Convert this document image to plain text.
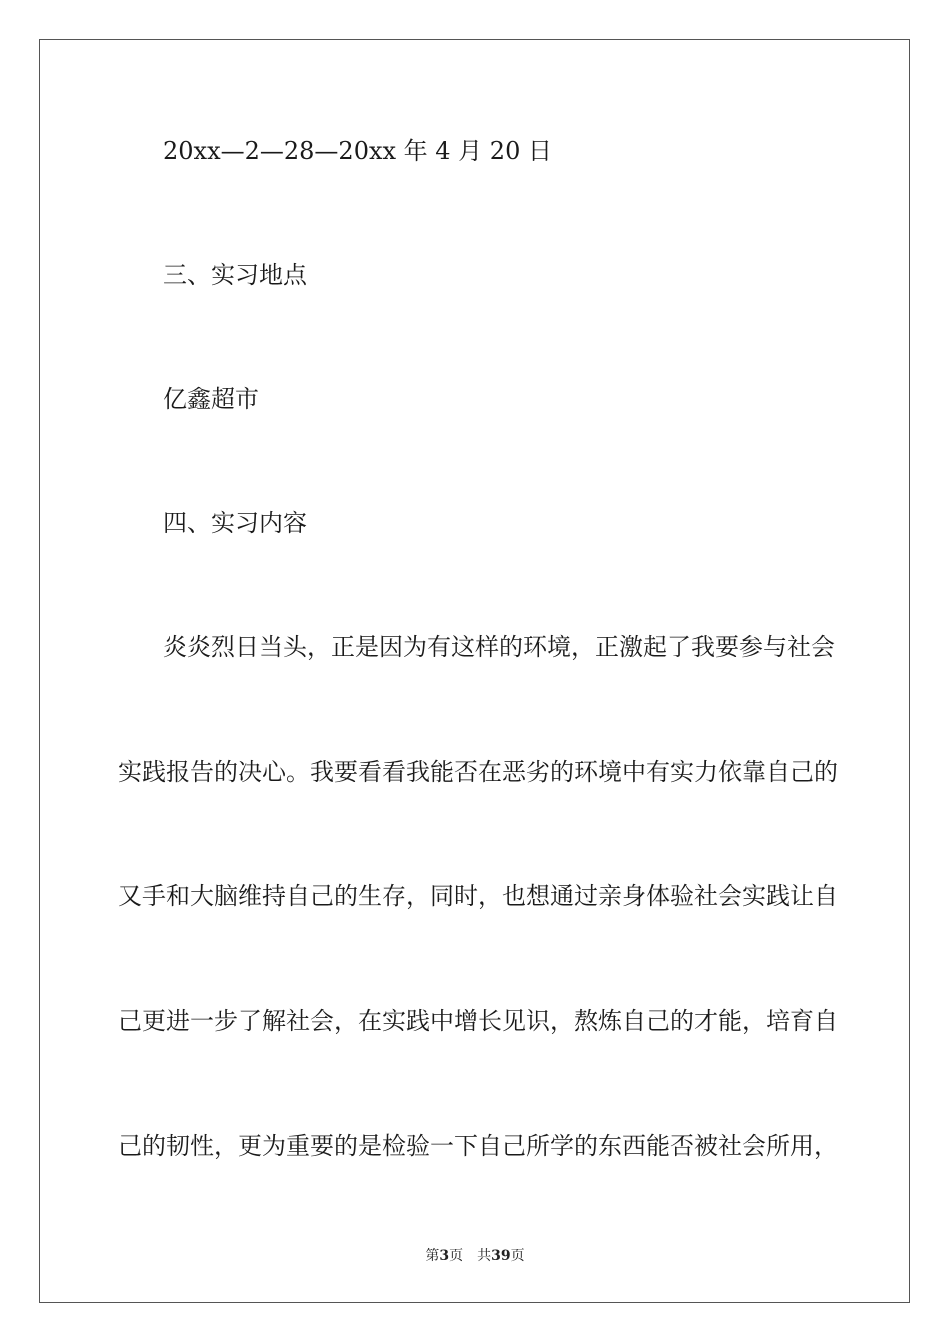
20xx—2—28—20xx 年 4 月 20 日
三、实习地点
亿鑫超市
四、实习内容
炎炎烈日当头，正是因为有这样的环境，正激起了我要参与社会
实践报告的决心。我要看看我能否在恶劣的环境中有实力依靠自己的
又手和大脑维持自己的生存，同时，也想通过亲身体验社会实践让自
己更进一步了解社会，在实践中增长见识，熬炼自己的才能，培育自
己的韧性，更为重要的是检验一下自己所学的东西能否被社会所用，
第3页 共39页
